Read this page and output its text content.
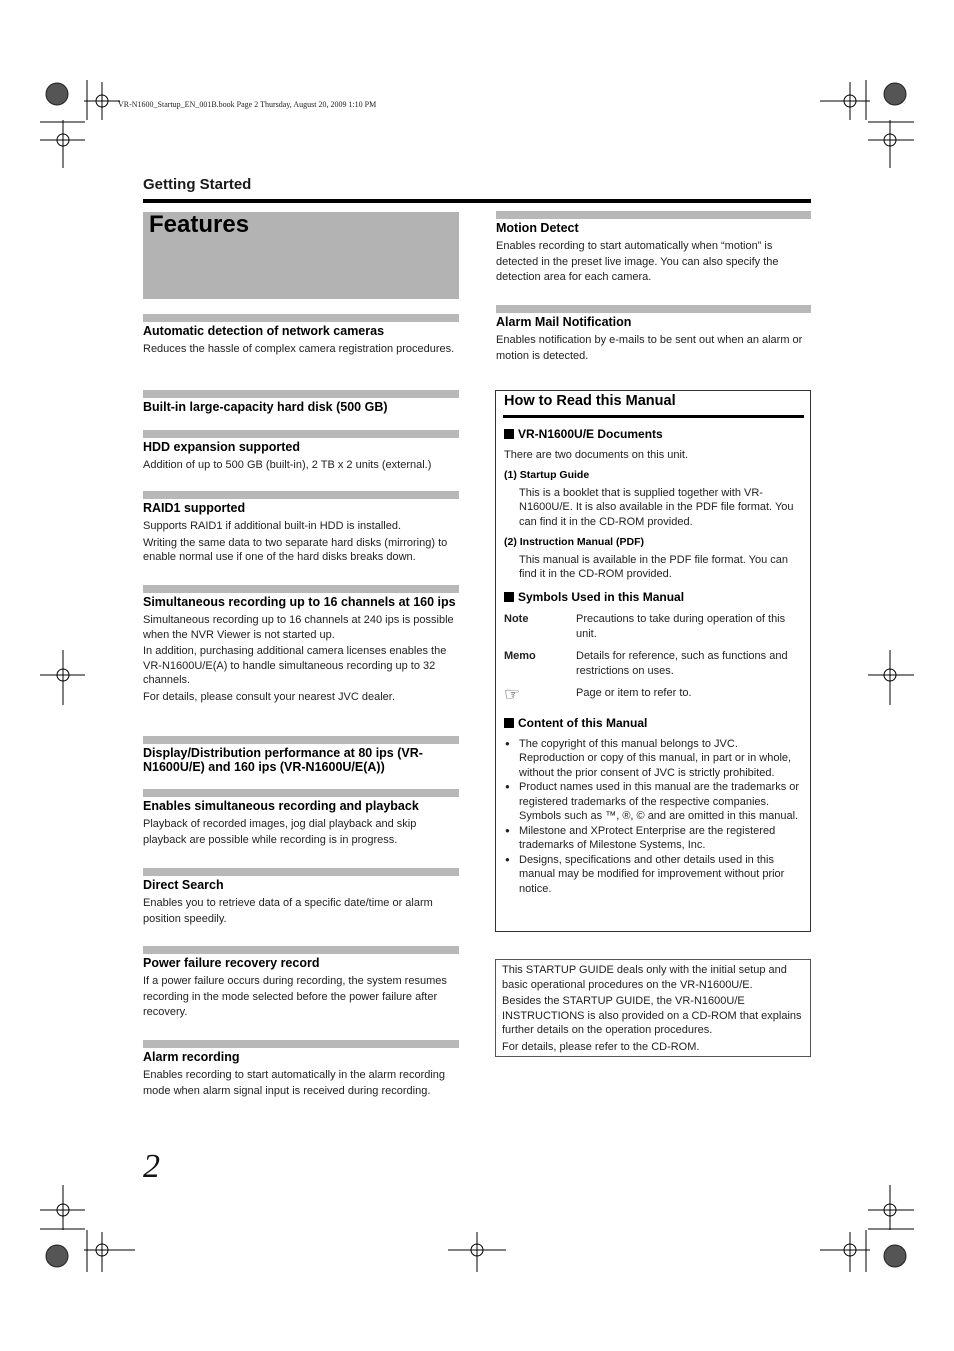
VR-N1600_Startup_EN_001B.book Page 2 Thursday, August 20, 2009 1:10 PM
Getting Started
Features
Automatic detection of network cameras

Reduces the hassle of complex camera registration procedures.

Built-in large-capacity hard disk (500 GB)
HDD expansion supported

Addition of up to 500 GB (built-in), 2 TB x 2 units (external.)

RAID1 supported

Supports RAID1 if additional built-in HDD is installed.

Writing the same data to two separate hard disks (mirroring) to enable normal use if one of the hard disks breaks down.

Simultaneous recording up to 16 channels at 160 ips

Simultaneous recording up to 16 channels at 240 ips is possible when the NVR Viewer is not started up.

In addition, purchasing additional camera licenses enables the VR-N1600U/E(A) to handle simultaneous recording up to 32 channels.

For details, please consult your nearest JVC dealer.

Display/Distribution performance at 80 ips (VR-N1600U/E) and 160 ips (VR-N1600U/E(A))
Enables simultaneous recording and playback

Playback of recorded images, jog dial playback and skip playback are possible while recording is in progress.

Direct Search

Enables you to retrieve data of a specific date/time or alarm position speedily.

Power failure recovery record

If a power failure occurs during recording, the system resumes recording in the mode selected before the power failure after recovery.

Alarm recording

Enables recording to start automatically in the alarm recording mode when alarm signal input is received during recording.

Motion Detect

Enables recording to start automatically when “motion” is detected in the preset live image. You can also specify the detection area for each camera.

Alarm Mail Notification

Enables notification by e-mails to be sent out when an alarm or motion is detected.

How to Read this Manual
VR-N1600U/E Documents
There are two documents on this unit.
(1) Startup Guide
This is a booklet that is supplied together with VR-N1600U/E. It is also available in the PDF file format. You can find it in the CD-ROM provided.
(2) Instruction Manual (PDF)
This manual is available in the PDF file format. You can find it in the CD-ROM provided.
Symbols Used in this Manual
Note	Precautions to take during operation of this unit.
Memo	Details for reference, such as functions and restrictions on uses.
☞	Page or item to refer to.
Content of this Manual
● The copyright of this manual belongs to JVC. Reproduction or copy of this manual, in part or in whole, without the prior consent of JVC is strictly prohibited.
● Product names used in this manual are the trademarks or registered trademarks of the respective companies. Symbols such as ™, ®, © and are omitted in this manual.
● Milestone and XProtect Enterprise are the registered trademarks of Milestone Systems, Inc.
● Designs, specifications and other details used in this manual may be modified for improvement without prior notice.

This STARTUP GUIDE deals only with the initial setup and basic operational procedures on the VR-N1600U/E.

Besides the STARTUP GUIDE, the VR-N1600U/E INSTRUCTIONS is also provided on a CD-ROM that explains further details on the operation procedures.

For details, please refer to the CD-ROM.

2
